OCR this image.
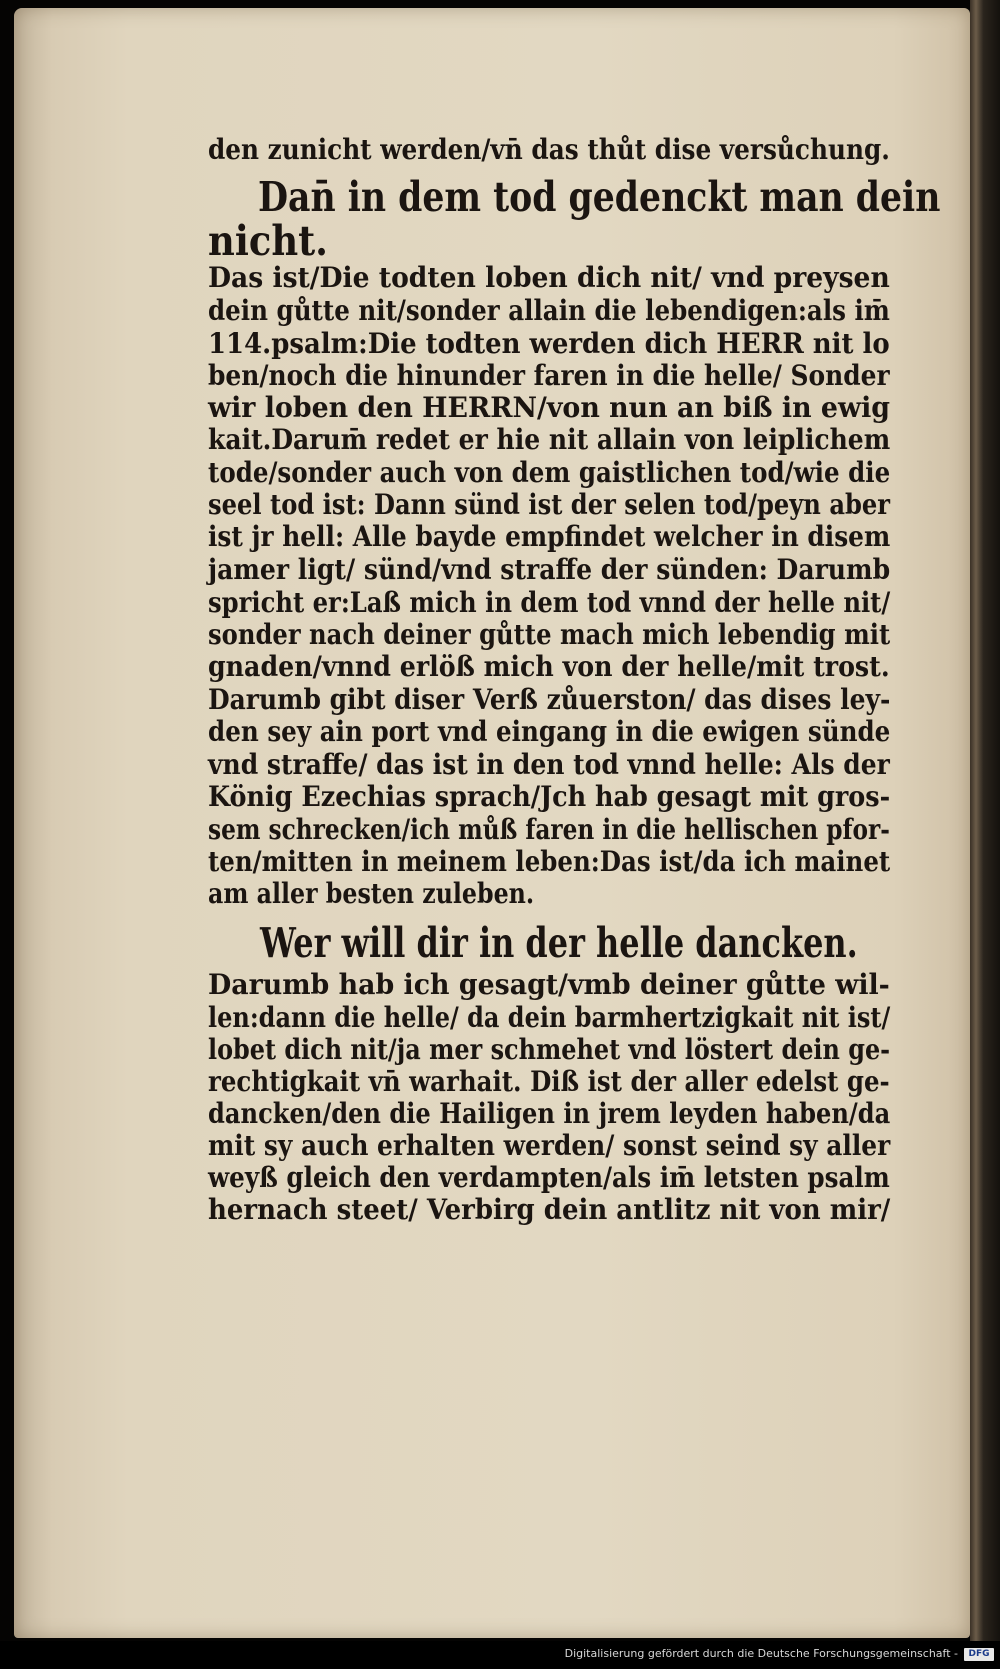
den zunicht werden/vn̄ das thůt dise versůchung.

Dan̄ in dem tod gedenckt man dein

nicht.

Das ist/Die todten loben dich nit/ vnd preysen

dein gůtte nit/sonder allain die lebendigen:als im̄

114.psalm:Die todten werden dich HERR nit lo

ben/noch die hinunder faren in die helle/ Sonder

wir loben den HERRN/von nun an biß in ewig

kait.Darum̄ redet er hie nit allain von leiplichem

tode/sonder auch von dem gaistlichen tod/wie die

seel tod ist: Dann sünd ist der selen tod/peyn aber

ist jr hell: Alle bayde empfindet welcher in disem

jamer ligt/ sünd/vnd straffe der sünden: Darumb

spricht er:Laß mich in dem tod vnnd der helle nit/

sonder nach deiner gůtte mach mich lebendig mit

gnaden/vnnd erlöß mich von der helle/mit trost.

Darumb gibt diser Verß zůuerston/ das dises ley-

den sey ain port vnd eingang in die ewigen sünde

vnd straffe/ das ist in den tod vnnd helle: Als der

König Ezechias sprach/Jch hab gesagt mit gros-

sem schrecken/ich můß faren in die hellischen pfor-

ten/mitten in meinem leben:Das ist/da ich mainet

am aller besten zuleben.

Wer will dir in der helle dancken.

Darumb hab ich gesagt/vmb deiner gůtte wil-

len:dann die helle/ da dein barmhertzigkait nit ist/

lobet dich nit/ja mer schmehet vnd löstert dein ge-

rechtigkait vn̄ warhait. Diß ist der aller edelst ge-

dancken/den die Hailigen in jrem leyden haben/da

mit sy auch erhalten werden/ sonst seind sy aller

weyß gleich den verdampten/als im̄ letsten psalm

hernach steet/ Verbirg dein antlitz nit von mir/

Digitalisierung gefördert durch die Deutsche Forschungsgemeinschaft -	DFG
